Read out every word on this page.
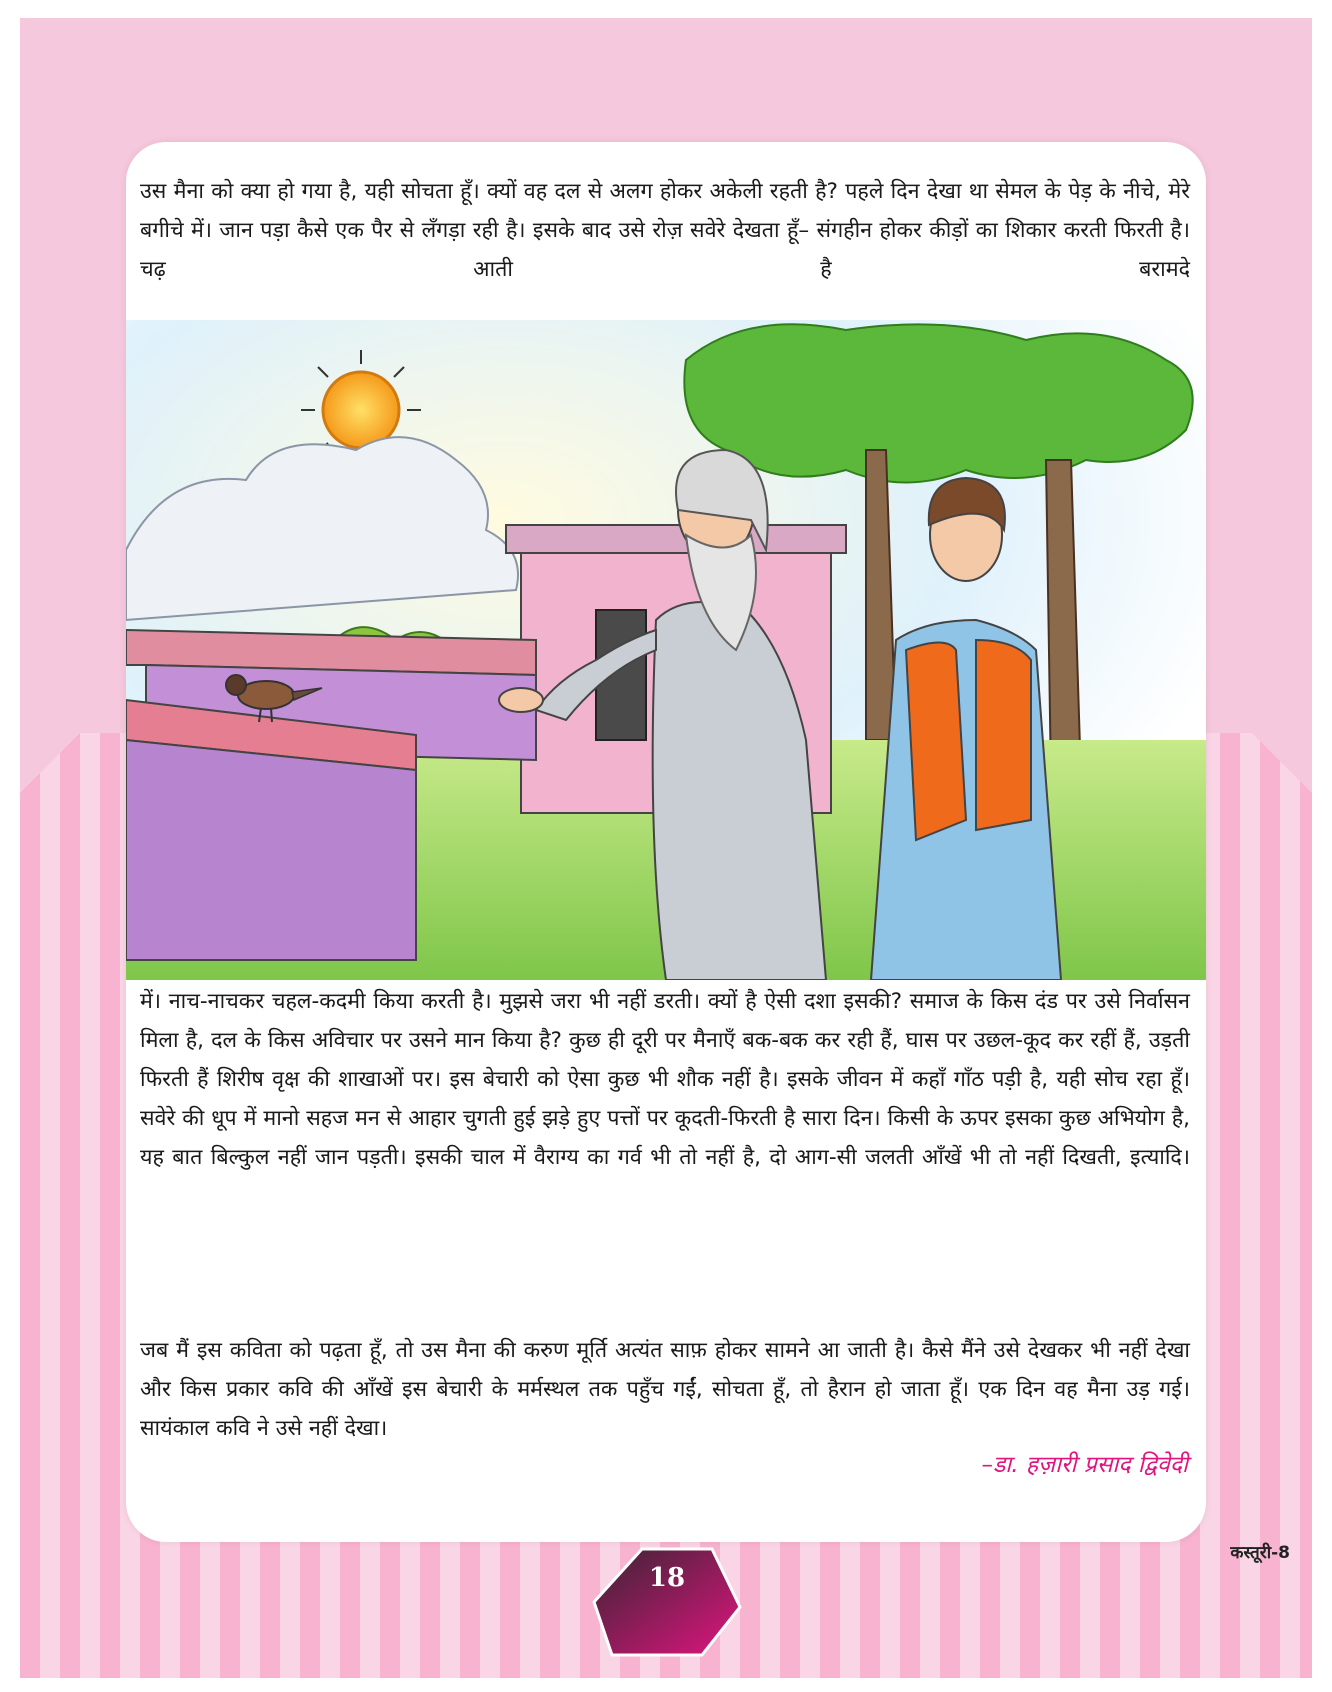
उस मैना को क्या हो गया है, यही सोचता हूँ। क्यों वह दल से अलग होकर अकेली रहती है? पहले दिन देखा था सेमल के पेड़ के नीचे, मेरे बगीचे में। जान पड़ा कैसे एक पैर से लँगड़ा रही है। इसके बाद उसे रोज़ सवेरे देखता हूँ– संगहीन होकर कीड़ों का शिकार करती फिरती है। चढ़ आती है बरामदे

में। नाच-नाचकर चहल-कदमी किया करती है। मुझसे जरा भी नहीं डरती। क्यों है ऐसी दशा इसकी? समाज के किस दंड पर उसे निर्वासन मिला है, दल के किस अविचार पर उसने मान किया है? कुछ ही दूरी पर मैनाएँ बक-बक कर रही हैं, घास पर उछल-कूद कर रहीं हैं, उड़ती फिरती हैं शिरीष वृक्ष की शाखाओं पर। इस बेचारी को ऐसा कुछ भी शौक नहीं है। इसके जीवन में कहाँ गाँठ पड़ी है, यही सोच रहा हूँ। सवेरे की धूप में मानो सहज मन से आहार चुगती हुई झड़े हुए पत्तों पर कूदती-फिरती है सारा दिन। किसी के ऊपर इसका कुछ अभियोग है, यह बात बिल्कुल नहीं जान पड़ती। इसकी चाल में वैराग्य का गर्व भी तो नहीं है, दो आग-सी जलती आँखें भी तो नहीं दिखती, इत्यादि।

जब मैं इस कविता को पढ़ता हूँ, तो उस मैना की करुण मूर्ति अत्यंत साफ़ होकर सामने आ जाती है। कैसे मैंने उसे देखकर भी नहीं देखा और किस प्रकार कवि की आँखें इस बेचारी के मर्मस्थल तक पहुँच गईं, सोचता हूँ, तो हैरान हो जाता हूँ। एक दिन वह मैना उड़ गई। सायंकाल कवि ने उसे नहीं देखा।

–डा. हज़ारी प्रसाद द्विवेदी

18

कस्तूरी-8
